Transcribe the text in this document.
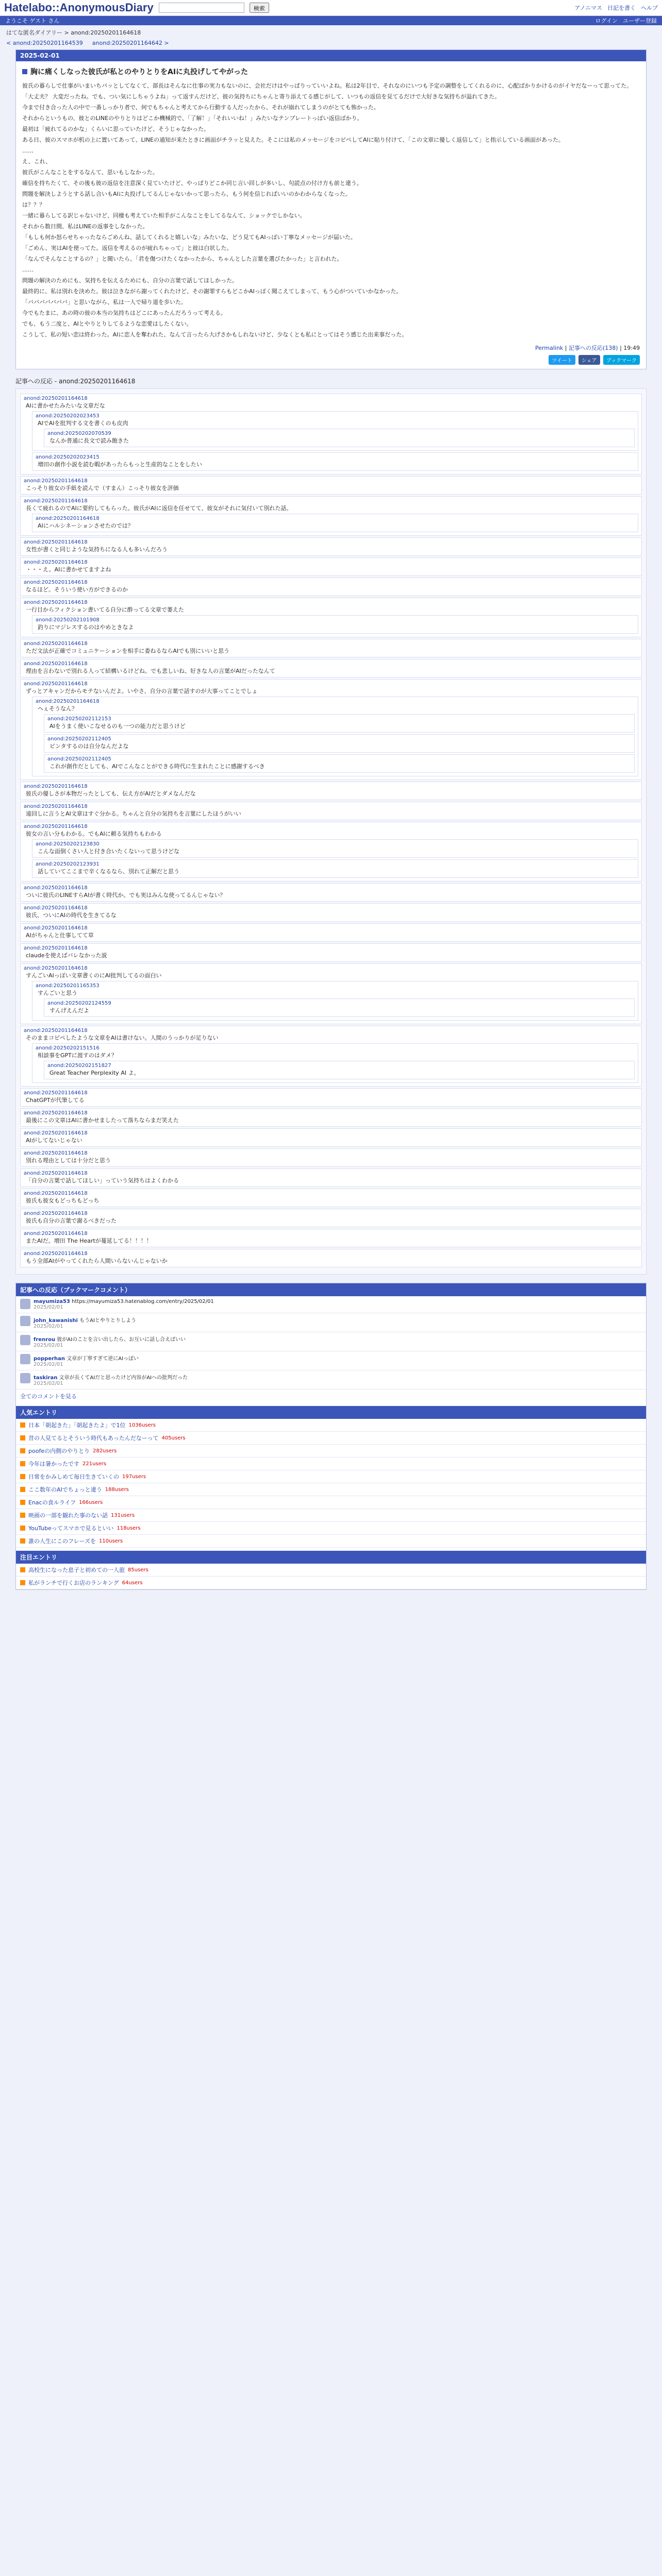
Hatelabo::AnonymousDiary	検索	アノニマス 日記を書く ヘルプ
ようこそ ゲスト さん	ログイン ユーザー登録
はてな匿名ダイアリー > anond:20250201164618
< anond:20250201164539 anond:20250201164642 >
2025-02-01
胸に痛くしなった彼氏が私とのやりとりをAIに丸投げしてやがった

彼氏の暮らしで仕事がいまいちパッとしてなくて、部長はそんなに仕事の実力もないのに、会社だけはやっぱりっていいよね。私は2年目で、それなのにいつも予定の調整をしてくれるのに、心配ばかりかけるのがイヤだなーって思ってた。

「大丈夫？ 大変だったね。でも、つい気にしちゃうよね」って返すんだけど、彼の気持ちにちゃんと寄り添えてる感じがして、いつもの返信を見てるだけで大好きな気持ちが溢れてきた。

今まで付き合った人の中で一番しっかり者で、何でもちゃんと考えてから行動する人だったから、それが崩れてしまうのがとても怖かった。

それからというもの、彼とのLINEのやりとりはどこか機械的で、「了解！」「それいいね！」みたいなテンプレートっぽい返信ばかり。

最初は「疲れてるのかな」くらいに思っていたけど、そうじゃなかった。

ある日、彼のスマホが机の上に置いてあって、LINEの通知が来たときに画面がチラッと見えた。そこには私のメッセージをコピペしてAIに貼り付けて、「この文章に優しく返信して」と指示している画面があった。

……

え、これ、

彼氏がこんなことをするなんて、思いもしなかった。

確信を持ちたくて、その後も彼の返信を注意深く見ていたけど、やっぱりどこか同じ言い回しが多いし、句読点の付け方も前と違う。

問題を解決しようとする話し合いもAIに丸投げしてるんじゃないかって思ったら、もう何を信じればいいのかわからなくなった。

は？？？

一緒に暮らしてる訳じゃないけど、同棲も考えていた相手がこんなことをしてるなんて、ショックでしかない。

それから数日間、私はLINEの返事をしなかった。

「もしも何か怒らせちゃったならごめんね、話してくれると嬉しいな」みたいな、どう見てもAIっぽい丁寧なメッセージが届いた。

「ごめん、実はAIを使ってた。返信を考えるのが疲れちゃって」と彼は白状した。

「なんでそんなことするの？」と聞いたら、「君を傷つけたくなかったから、ちゃんとした言葉を選びたかった」と言われた。

……

問題の解決のためにも、気持ちを伝えるためにも、自分の言葉で話してほしかった。

最終的に、私は別れを決めた。彼は泣きながら謝ってくれたけど、その謝罪すらもどこかAIっぽく聞こえてしまって、もう心がついていかなかった。

「バババババババ」と思いながら、私は一人で帰り道を歩いた。

今でもたまに、あの時の彼の本当の気持ちはどこにあったんだろうって考える。

でも、もう二度と、AIとやりとりしてるような恋愛はしたくない。

こうして、私の短い恋は終わった。AIに恋人を奪われた、なんて言ったら大げさかもしれないけど、少なくとも私にとってはそう感じた出来事だった。

Permalink | 記事への反応(138) | 19:49
ツイート	シェア	ブックマーク
記事への反応 - anond:20250201164618
anond:20250201164618
AIに書かせたみたいな文章だな
anond:20250202023453
AIでAIを批判する文を書くのも皮肉
anond:20250202070539
なんか普通に長文で読み飽きた
anond:20250202023415
増田の創作小説を読む暇があったらもっと生産的なことをしたい
anond:20250201164618
こっそり彼女の手紙を読んで（すまん）こっそり彼女を評価
anond:20250201164618
長くて疲れるのでAIに要約してもらった。彼氏がAIに返信を任せてて、彼女がそれに気付いて別れた話。
anond:20250201164618
AIにハルシネーションさせたのでは？
anond:20250201164618
女性が書くと同じような気持ちになる人も多いんだろう
anond:20250201164618
・・・え。AIに書かせてますよね
anond:20250201164618
なるほど。そういう使い方ができるのか
anond:20250201164618
一行目からフィクション書いてる自分に酔ってる文章で萎えた
anond:20250202101908
釣りにマジレスするのはやめときなよ
anond:20250201164618
ただ文法が正確でコミュニケーションを相手に委ねるならAIでも別にいいと思う
anond:20250201164618
理由を言わないで別れる人って結構いるけどね。でも悲しいね、好きな人の言葉がAIだったなんて
anond:20250201164618
ずっとアキャンだからモテないんだよ。いやさ、自分の言葉で話すのが大事ってことでしょ
anond:20250201164618
ヘぇそうなん？
anond:20250202112153
AIをうまく使いこなせるのも一つの能力だと思うけど
anond:20250202112405
ビンタするのは自分なんだよな
anond:20250202112405
これが創作だとしても、AIでこんなことができる時代に生まれたことに感謝するべき
anond:20250201164618
彼氏の優しさが本物だったとしても、伝え方がAIだとダメなんだな
anond:20250201164618
遠回しに言うとAI文章はすぐ分かる。ちゃんと自分の気持ちを言葉にしたほうがいい
anond:20250201164618
彼女の言い分もわかる。でもAIに頼る気持ちもわかる
anond:20250202123830
こんな面倒くさい人と付き合いたくないって思うけどな
anond:20250202123931
話していてここまで辛くなるなら、別れて正解だと思う
anond:20250201164618
ついに彼氏のLINEすらAIが書く時代か。でも実はみんな使ってるんじゃない？
anond:20250201164618
彼氏、ついにAIの時代を生きてるな
anond:20250201164618
AIがちゃんと仕事してて草
anond:20250201164618
claudeを使えばバレなかった説
anond:20250201164618
すんごいAIっぽい文章書くのにAI批判してるの面白い
anond:20250201165353
すんごいと思う
anond:20250202124559
すんげえんだよ
anond:20250201164618
そのままコピペしたような文章をAIは書けない。人間のうっかりが足りない
anond:20250202151516
相談事をGPTに渡すのはダメ？
anond:20250202151827
Great Teacher Perplexity AI よ。
anond:20250201164618
ChatGPTが代筆してる
anond:20250201164618
最後にこの文章はAIに書かせましたって落ちならまだ笑えた
anond:20250201164618
AIがしてないじゃない
anond:20250201164618
別れる理由としては十分だと思う
anond:20250201164618
「自分の言葉で話してほしい」っていう気持ちはよくわかる
anond:20250201164618
彼氏も彼女もどっちもどっち
anond:20250201164618
彼氏も自分の言葉で謝るべきだった
anond:20250201164618
またAIだ。増田 The Heartが蔓延してる！！！！
anond:20250201164618
もう全部AIがやってくれたら人間いらないんじゃないか
記事への反応（ブックマークコメント）
mayumiza53 https://mayumiza53.hatenablog.com/entry/2025/02/01
2025/02/01
john_kawanishi もうAIとやりとりしよう
2025/02/01
frenrou 彼がAIのことを言い出したら、お互いに話し合えばいい
2025/02/01
popperhan 文章が丁寧すぎて逆にAIっぽい
2025/02/01
taskiran 文章が長くてAIだと思ったけど内容がAIへの批判だった
2025/02/01
全てのコメントを見る
人気エントリ
日本「朝起きた」「朝起きたよ」で1位 1036users
昔の人見てるとそういう時代もあったんだなーって 405users
poofeの内側のやりとり 282users
今年は暑かったです 221users
日常をかみしめて毎日生きていくの 197users
ここ数年のAIでちょっと違う 188users
Enacの食ルライフ 166users
映画の一部を観れた事のない話 131users
YouTubeってスマホで見るといい 118users
誰の人生にこのフレーズを 110users
注目エントリ
高校生になった息子と初めての一人旅 85users
私がランチで行くお店のランキング 64users
